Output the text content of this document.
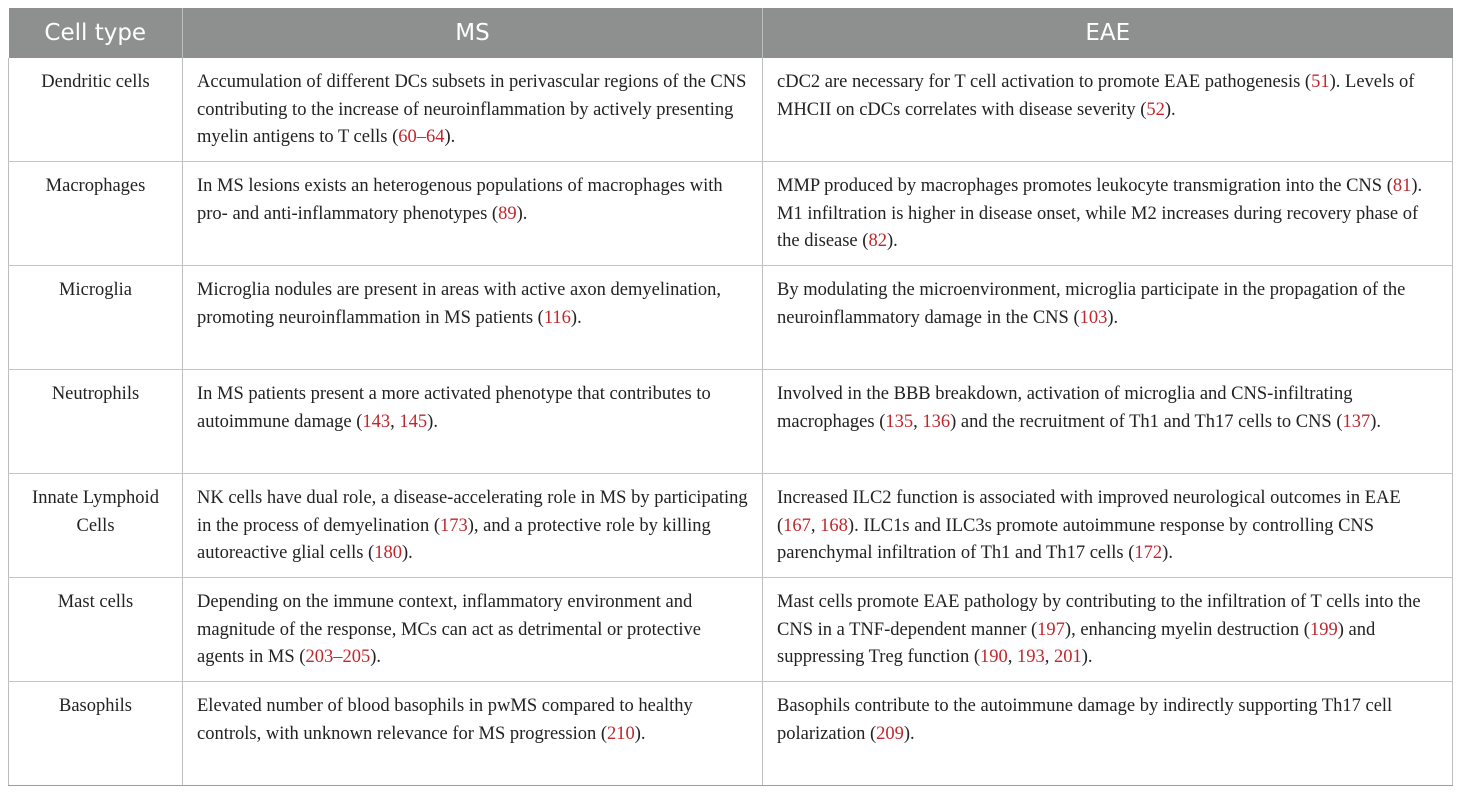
Cell type	MS	EAE
Dendritic cells	Accumulation of different DCs subsets in perivascular regions of the CNS contributing to the increase of neuroinflammation by actively presenting myelin antigens to T cells (60–64).	cDC2 are necessary for T cell activation to promote EAE pathogenesis (51). Levels of MHCII on cDCs correlates with disease severity (52).
Macrophages	In MS lesions exists an heterogenous populations of macrophages with pro- and anti-inflammatory phenotypes (89).	MMP produced by macrophages promotes leukocyte transmigration into the CNS (81). M1 infiltration is higher in disease onset, while M2 increases during recovery phase of the disease (82).
Microglia	Microglia nodules are present in areas with active axon demyelination, promoting neuroinflammation in MS patients (116).	By modulating the microenvironment, microglia participate in the propagation of the neuroinflammatory damage in the CNS (103).
Neutrophils	In MS patients present a more activated phenotype that contributes to autoimmune damage (143, 145).	Involved in the BBB breakdown, activation of microglia and CNS-infiltrating macrophages (135, 136) and the recruitment of Th1 and Th17 cells to CNS (137).
Innate Lymphoid Cells	NK cells have dual role, a disease-accelerating role in MS by participating in the process of demyelination (173), and a protective role by killing autoreactive glial cells (180).	Increased ILC2 function is associated with improved neurological outcomes in EAE (167, 168). ILC1s and ILC3s promote autoimmune response by controlling CNS parenchymal infiltration of Th1 and Th17 cells (172).
Mast cells	Depending on the immune context, inflammatory environment and magnitude of the response, MCs can act as detrimental or protective agents in MS (203–205).	Mast cells promote EAE pathology by contributing to the infiltration of T cells into the CNS in a TNF-dependent manner (197), enhancing myelin destruction (199) and suppressing Treg function (190, 193, 201).
Basophils	Elevated number of blood basophils in pwMS compared to healthy controls, with unknown relevance for MS progression (210).	Basophils contribute to the autoimmune damage by indirectly supporting Th17 cell polarization (209).
